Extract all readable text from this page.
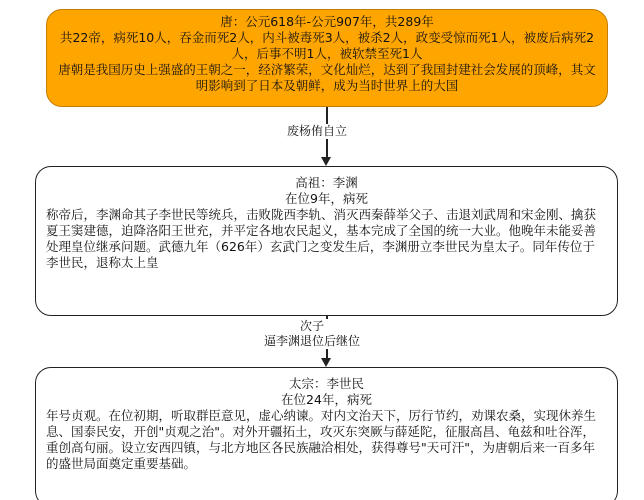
唐：公元618年-公元907年，共289年
共22帝，病死10人，吞金而死2人，内斗被毒死3人，被杀2人，政变受惊而死1人，被废后病死2人，后事不明1人，被软禁至死1人
唐朝是我国历史上强盛的王朝之一，经济繁荣，文化灿烂，达到了我国封建社会发展的顶峰，其文明影响到了日本及朝鲜，成为当时世界上的大国
废杨侑自立
高祖：李渊
在位9年，病死
称帝后，李渊命其子李世民等统兵，击败陇西李轨、消灭西秦薛举父子、击退刘武周和宋金刚、擒获夏王窦建德，迫降洛阳王世充，并平定各地农民起义，基本完成了全国的统一大业。他晚年未能妥善处理皇位继承问题。武德九年（626年）玄武门之变发生后，李渊册立李世民为皇太子。同年传位于李世民，退称太上皇
次子
逼李渊退位后继位
太宗：李世民
在位24年，病死
年号贞观。在位初期，听取群臣意见，虚心纳谏。对内文治天下，厉行节约，劝课农桑，实现休养生息、国泰民安，开创"贞观之治"。对外开疆拓土，攻灭东突厥与薛延陀，征服高昌、龟兹和吐谷浑，重创高句丽。设立安西四镇，与北方地区各民族融洽相处，获得尊号"天可汗"，为唐朝后来一百多年的盛世局面奠定重要基础。
